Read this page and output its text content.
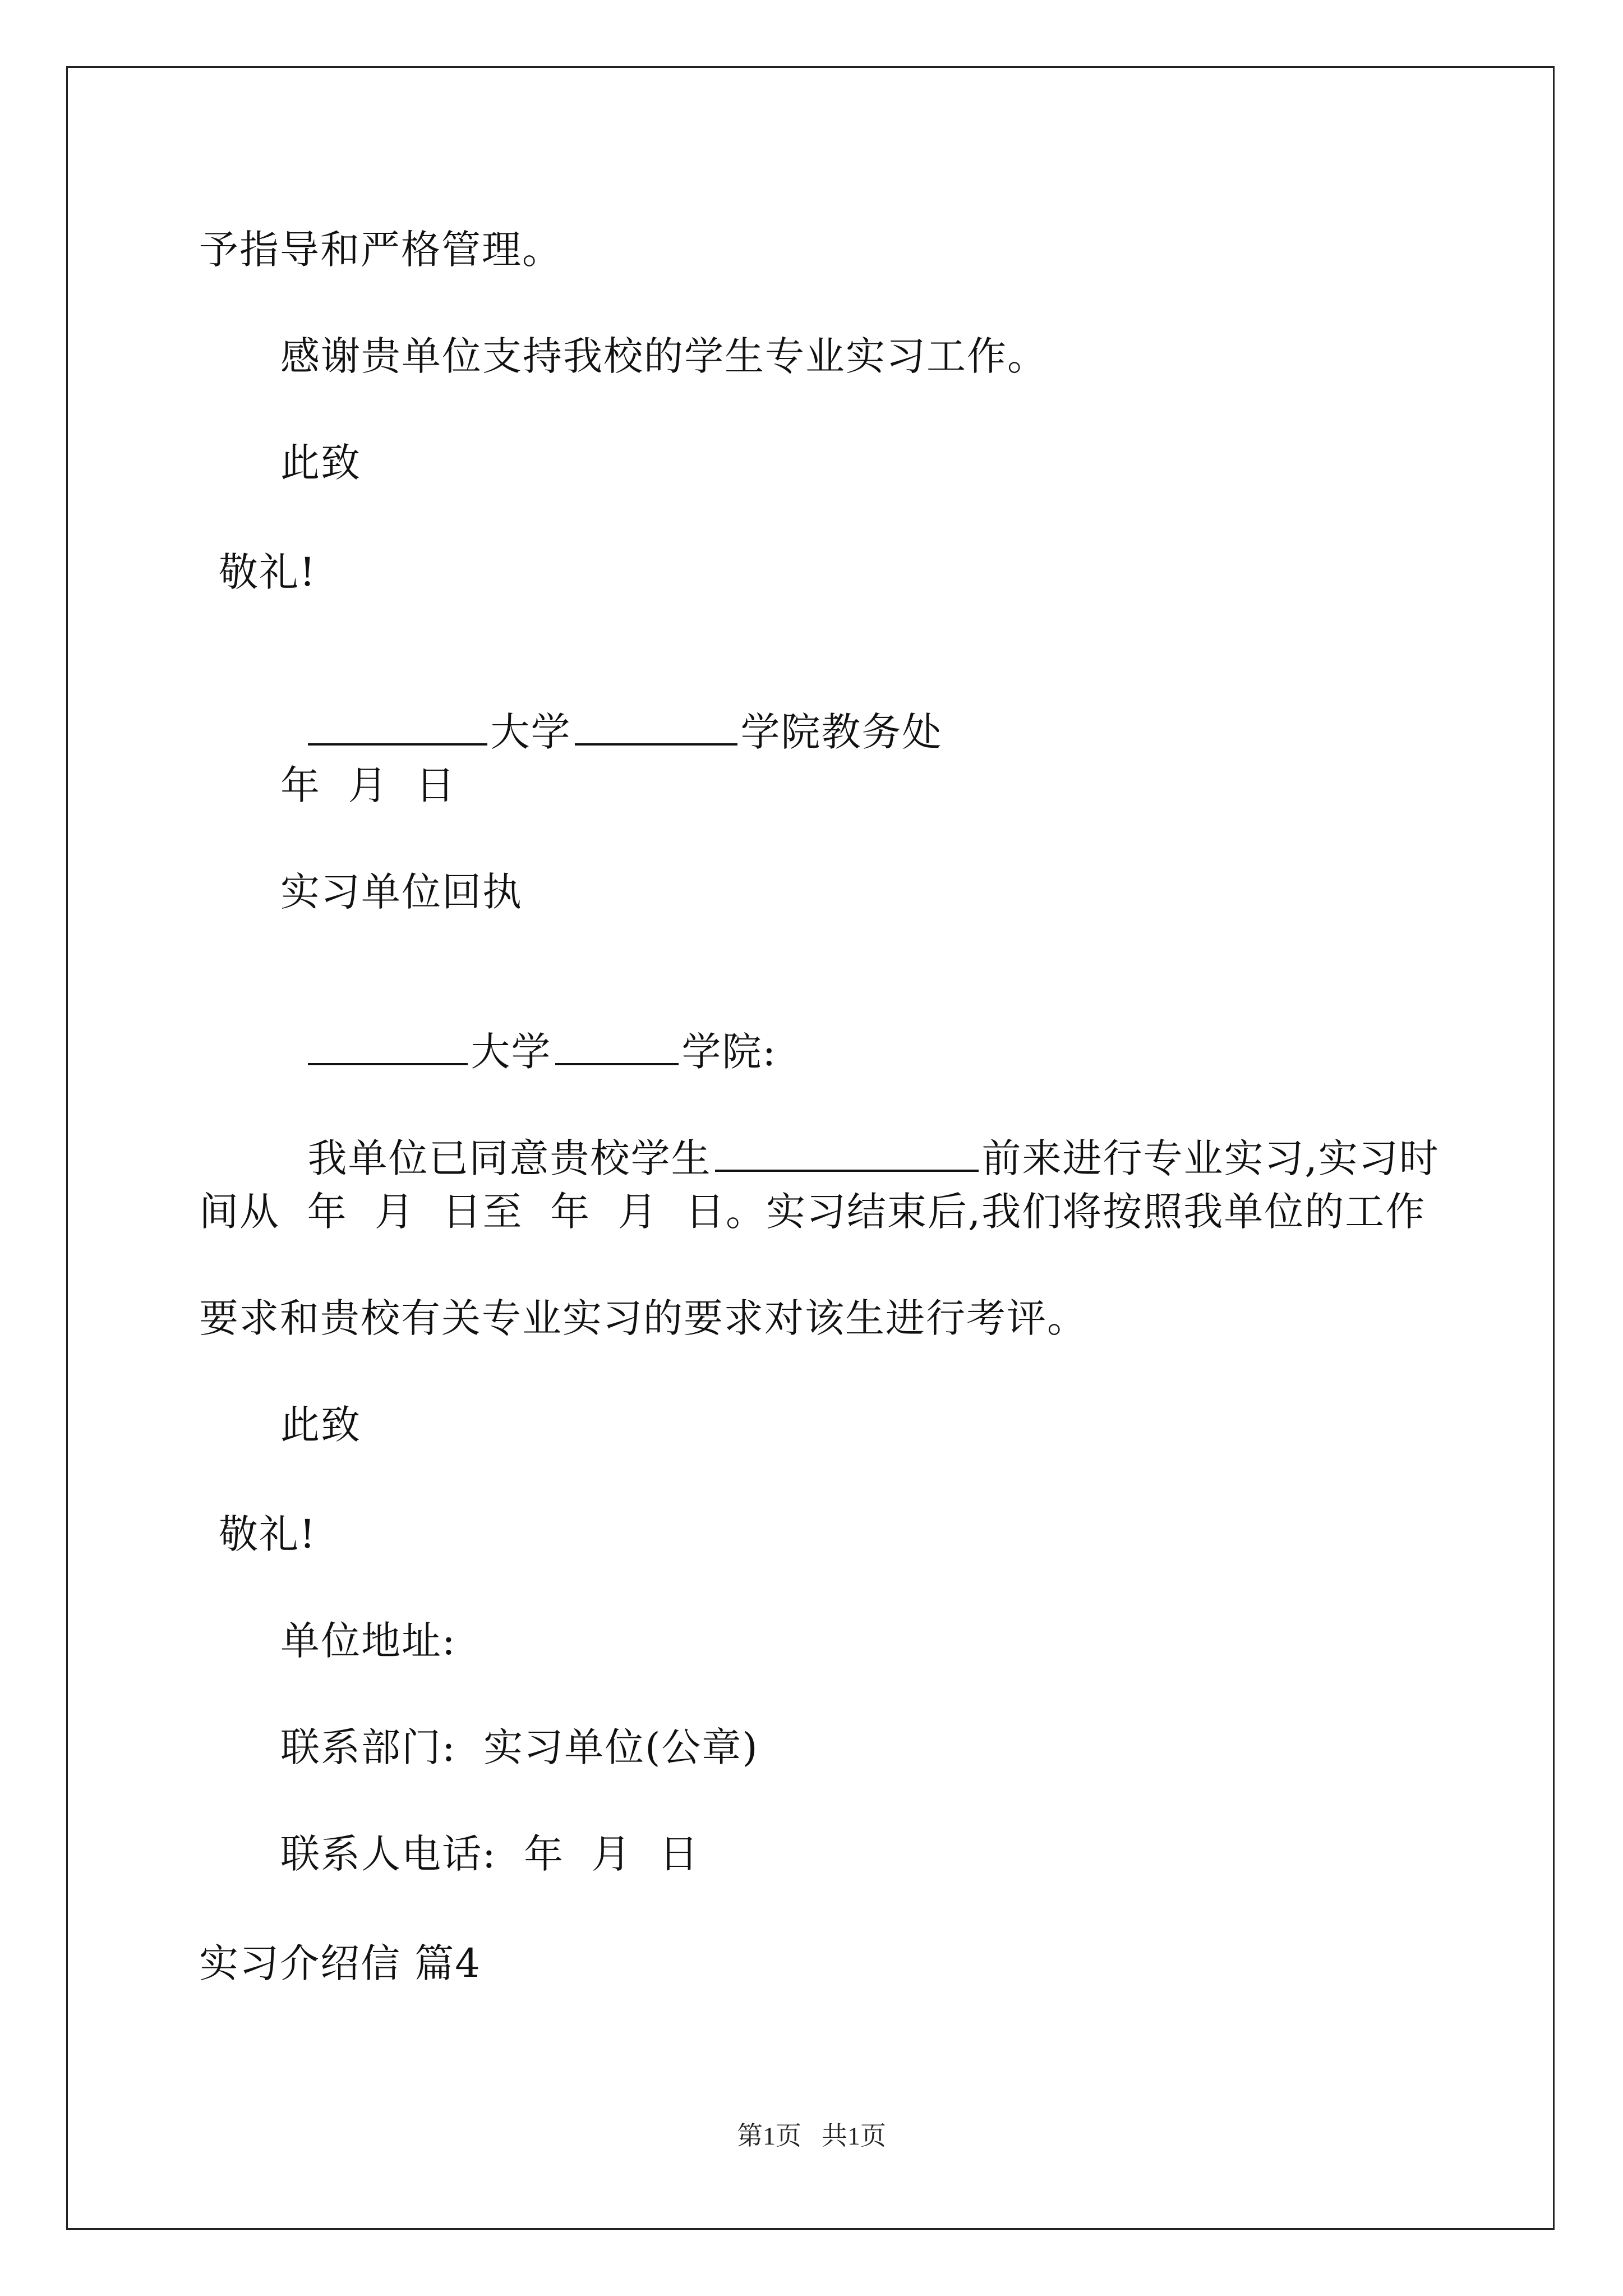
予指导和严格管理。
感谢贵单位支持我校的学生专业实习工作。
此致
敬礼!

大学	学院教务处

年  月  日
实习单位回执

大学	学院:

我单位已同意贵校学生	前来进行专业实习,实习时

间从  年  月  日至  年  月  日。实习结束后,我们将按照我单位的工作
要求和贵校有关专业实习的要求对该生进行考评。
此致
敬礼!
单位地址:
联系部门:  实习单位(公章)
联系人电话:  年  月  日
实习介绍信 篇4
第1页 共1页
